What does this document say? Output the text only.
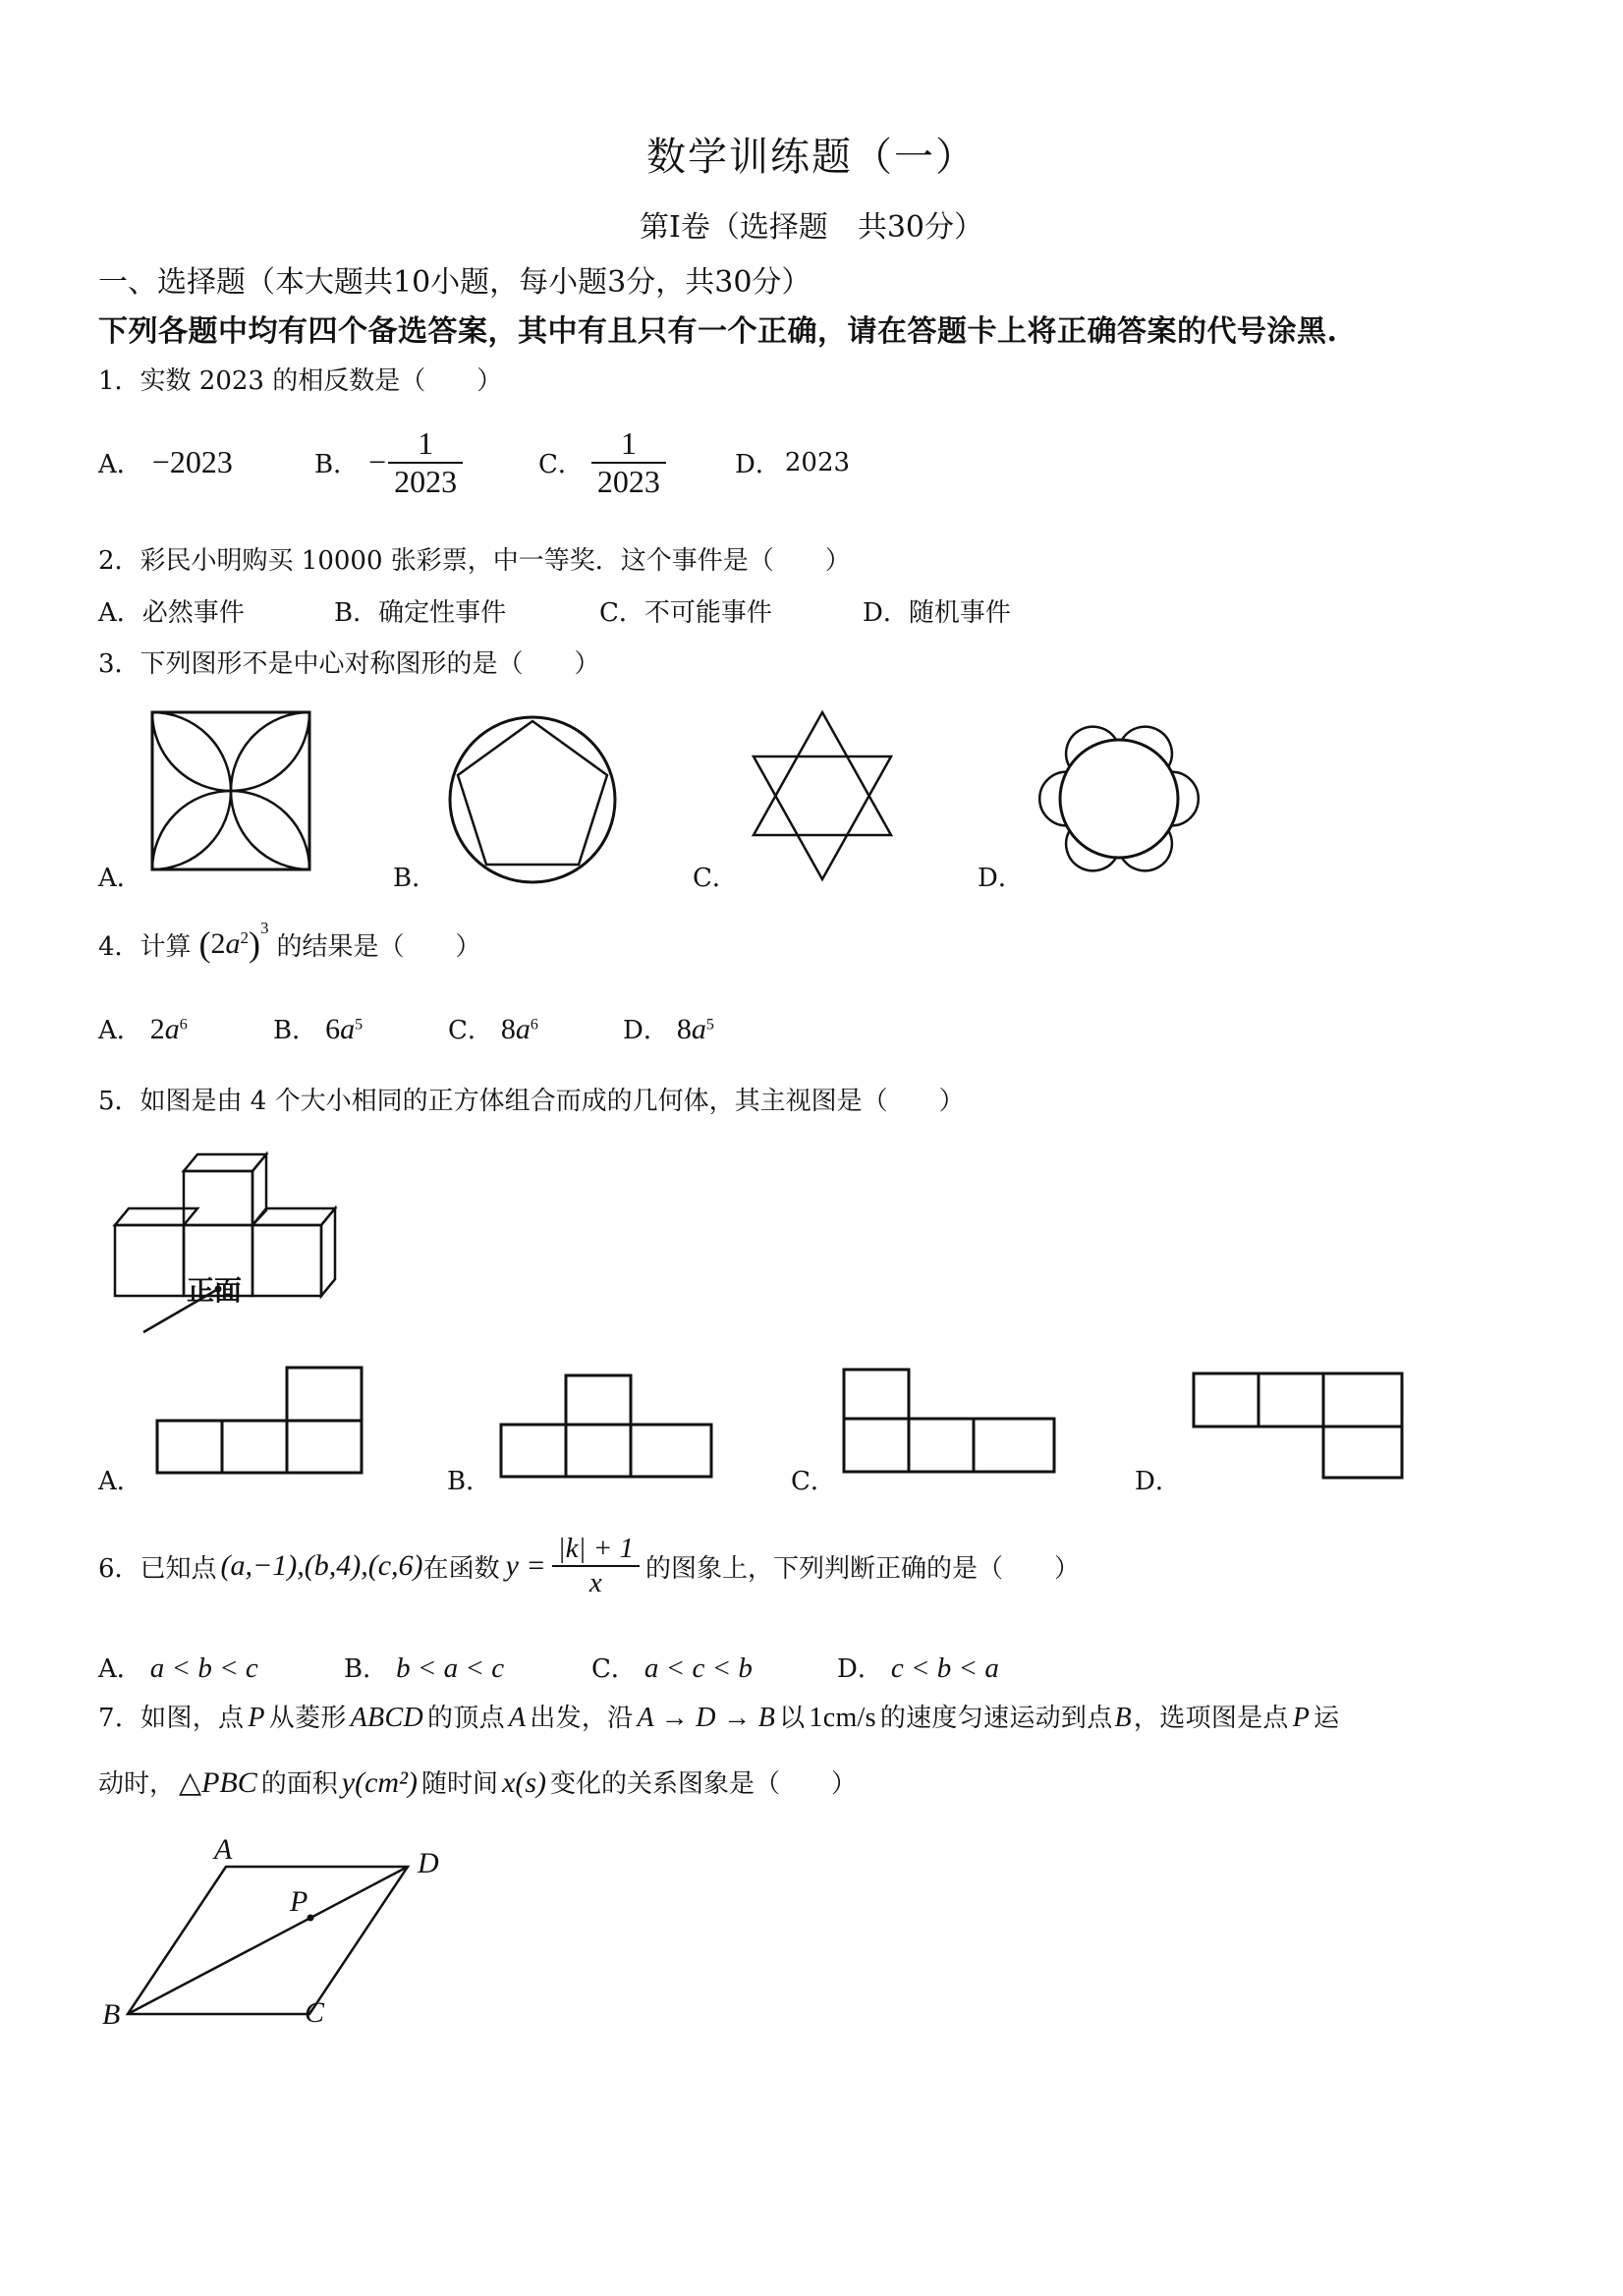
数学训练题（一）
第Ⅰ卷（选择题　共30分）
一、选择题（本大题共10小题，每小题3分，共30分）
下列各题中均有四个备选答案，其中有且只有一个正确，请在答题卡上将正确答案的代号涂黑.
1．实数 2023 的相反数是（　　）
A． −2023	B． − $\frac{1}{2023}$	C． $\frac{1}{2023}$	D． 2023
2．彩民小明购买 10000 张彩票，中一等奖．这个事件是（　　）
A．必然事件	B．确定性事件	C．不可能事件	D．随机事件
3．下列图形不是中心对称图形的是（　　）
A．	B．	C．	D．
4．计算 ( 2 $a^2$ )$^3$
的结果是（　　）
A． $2a^6$	B． $6a^5$	C． $8a^6$	D． $8a^5$
5．如图是由 4 个大小相同的正方体组合而成的几何体，其主视图是（　　）
正面
A．	B．	C．	D．
6．已知点 (a,−1),(b,4),(c,6) 在函数 $y = \frac{|k| + 1}{x}$ 的图象上，下列判断正确的是（　　）
A． a < b < c	B． b < a < c	C． a < c < b	D． c < b < a
7．如图，点 P 从菱形 ABCD 的顶点 A 出发，沿 A → D → B 以 1cm/s 的速度匀速运动到点 B ，选项图是点 P 运
动时， △PBC 的面积 y(cm²) 随时间 x(s) 变化的关系图象是（　　）
A	D
P
B	C
